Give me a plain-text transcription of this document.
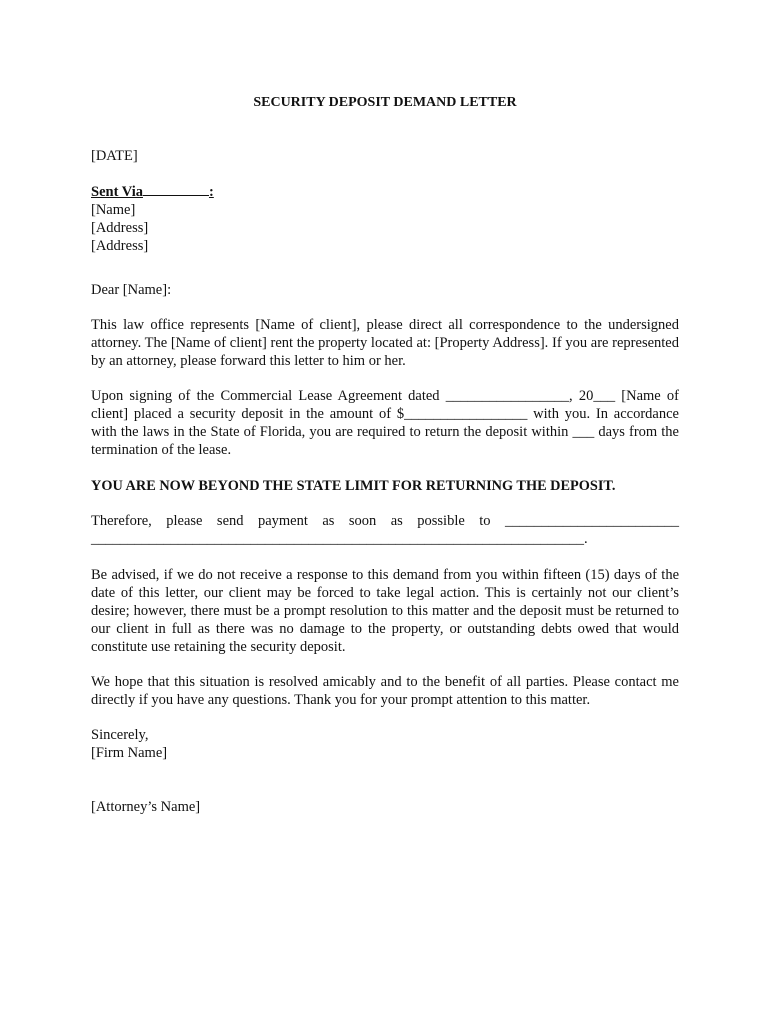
SECURITY DEPOSIT DEMAND LETTER
[DATE]
Sent Via	:
[Name]
[Address]
[Address]
Dear [Name]:
This law office represents [Name of client], please direct all correspondence to the undersigned attorney. The [Name of client] rent the property located at: [Property Address]. If you are represented by an attorney, please forward this letter to him or her.
Upon signing of the Commercial Lease Agreement dated _________________, 20___ [Name of client] placed a security deposit in the amount of $_________________ with you. In accordance with the laws in the State of Florida, you are required to return the deposit within ___ days from the termination of the lease.
YOU ARE NOW BEYOND THE STATE LIMIT FOR RETURNING THE DEPOSIT.
Therefore, please send payment as soon as possible to ________________________
____________________________________________________________________.
Be advised, if we do not receive a response to this demand from you within fifteen (15) days of the date of this letter, our client may be forced to take legal action. This is certainly not our client’s desire; however, there must be a prompt resolution to this matter and the deposit must be returned to our client in full as there was no damage to the property, or outstanding debts owed that would constitute use retaining the security deposit.
We hope that this situation is resolved amicably and to the benefit of all parties. Please contact me directly if you have any questions. Thank you for your prompt attention to this matter.
Sincerely,
[Firm Name]
[Attorney’s Name]
